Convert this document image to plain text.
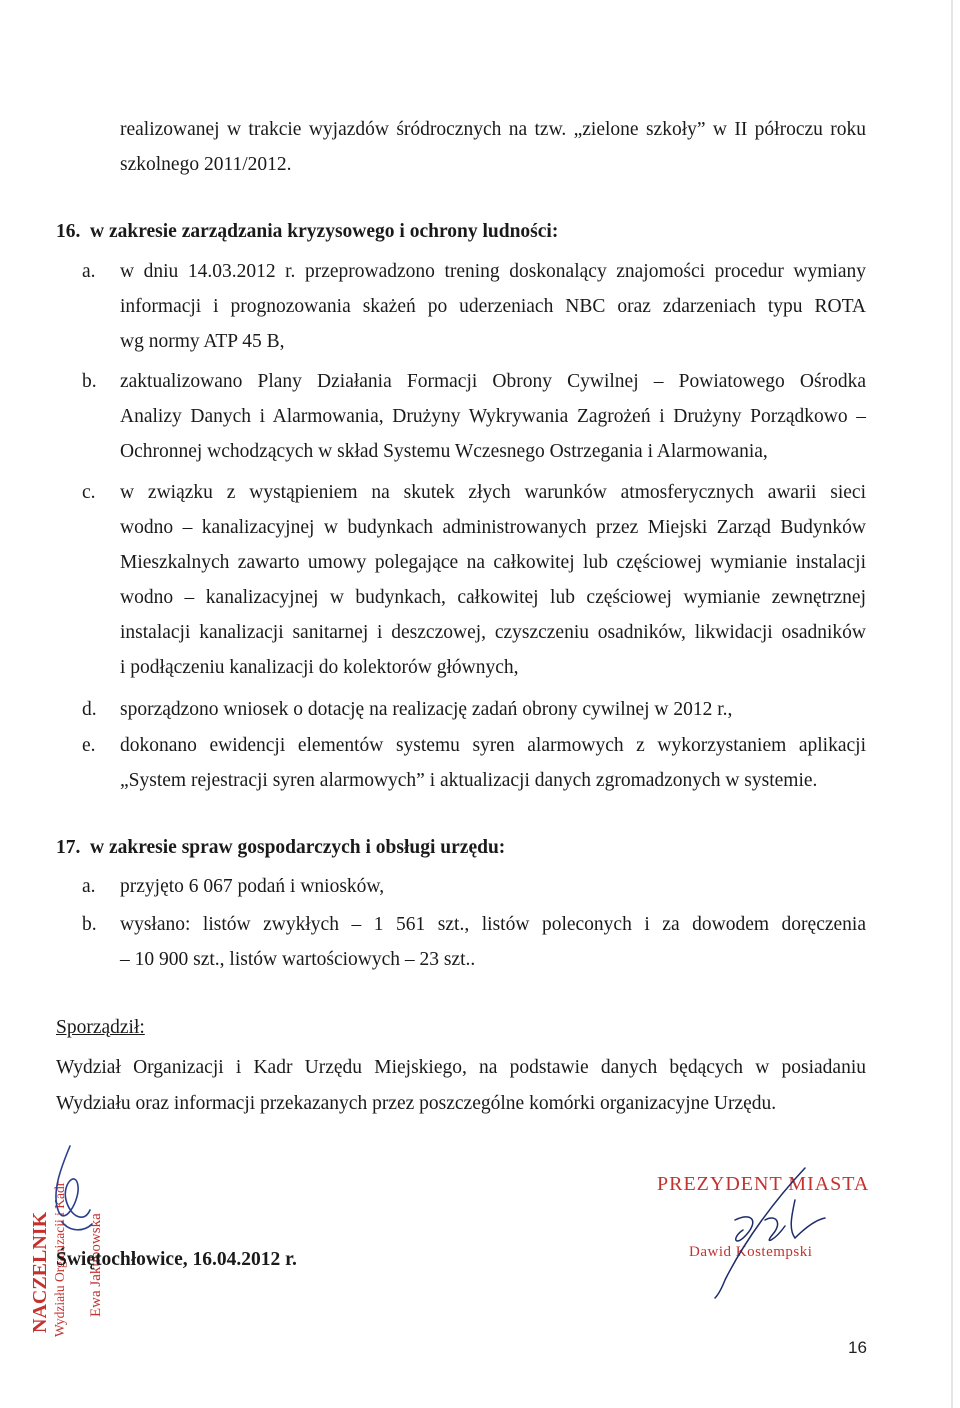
realizowanej w trakcie wyjazdów śródrocznych na tzw. „zielone szkoły” w II półroczu roku
szkolnego 2011/2012.
16. w zakresie zarządzania kryzysowego i ochrony ludności:
a. w dniu 14.03.2012 r. przeprowadzono trening doskonalący znajomości procedur wymiany
informacji i prognozowania skażeń po uderzeniach NBC oraz zdarzeniach typu ROTA
wg normy ATP 45 B,
b. zaktualizowano Plany Działania Formacji Obrony Cywilnej – Powiatowego Ośrodka
Analizy Danych i Alarmowania, Drużyny Wykrywania Zagrożeń i Drużyny Porządkowo –
Ochronnej wchodzących w skład Systemu Wczesnego Ostrzegania i Alarmowania,
c. w związku z wystąpieniem na skutek złych warunków atmosferycznych awarii sieci
wodno – kanalizacyjnej w budynkach administrowanych przez Miejski Zarząd Budynków
Mieszkalnych zawarto umowy polegające na całkowitej lub częściowej wymianie instalacji
wodno – kanalizacyjnej w budynkach, całkowitej lub częściowej wymianie zewnętrznej
instalacji kanalizacji sanitarnej i deszczowej, czyszczeniu osadników, likwidacji osadników
i podłączeniu kanalizacji do kolektorów głównych,
d. sporządzono wniosek o dotację na realizację zadań obrony cywilnej w 2012 r.,
e. dokonano ewidencji elementów systemu syren alarmowych z wykorzystaniem aplikacji
„System rejestracji syren alarmowych” i aktualizacji danych zgromadzonych w systemie.
17. w zakresie spraw gospodarczych i obsługi urzędu:
a. przyjęto 6 067 podań i wniosków,
b. wysłano: listów zwykłych – 1 561 szt., listów poleconych i za dowodem doręczenia
– 10 900 szt., listów wartościowych – 23 szt..
Sporządził:
Wydział Organizacji i Kadr Urzędu Miejskiego, na podstawie danych będących w posiadaniu
Wydziału oraz informacji przekazanych przez poszczególne komórki organizacyjne Urzędu.
NACZELNIK Wydziału Organizacji i Kadr Ewa Jakubowska
Świętochłowice, 16.04.2012 r.
PREZYDENT MIASTA
Dawid Kostempski
16
